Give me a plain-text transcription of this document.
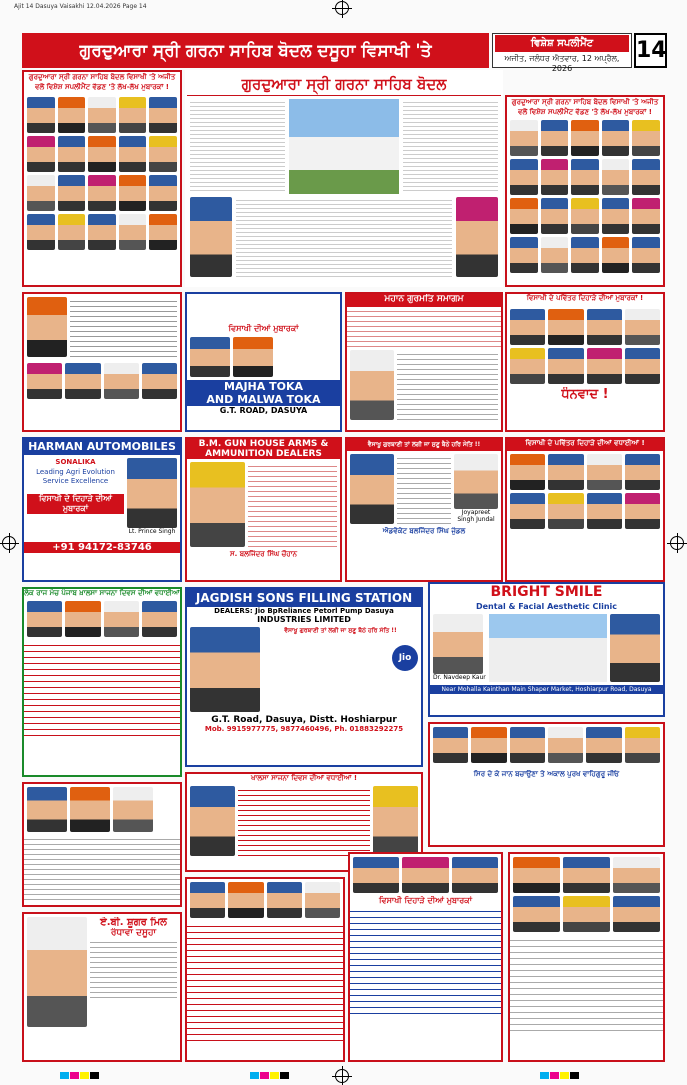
Ajit 14 Dasuya Vaisakhi 12.04.2026 Page 14
ਗੁਰਦੁਆਰਾ ਸ੍ਰੀ ਗਰਨਾ ਸਾਹਿਬ ਬੋਦਲ ਦਸੂਹਾ ਵਿਸਾਖੀ 'ਤੇ	ਵਿਸ਼ੇਸ਼ ਸਪਲੀਮੈਂਟ
ਅਜੀਤ, ਜਲੰਧਰ ਐਤਵਾਰ, 12 ਅਪ੍ਰੈਲ, 2026
14
ਗੁਰਦੁਆਰਾ ਸ੍ਰੀ ਗਰਨਾ ਸਾਹਿਬ ਬੋਦਲ ਵਿਸਾਖੀ 'ਤੇ ਅਜੀਤ ਵਲੋਂ ਵਿਸ਼ੇਸ਼ ਸਪਲੀਮੈਂਟ ਵੱਡਣ 'ਤੇ ਲੱਖ-ਲੱਖ ਮੁਬਾਰਕਾਂ !	ਗੁਰਦੁਆਰਾ ਸ੍ਰੀ ਗਰਨਾ ਸਾਹਿਬ ਬੋਦਲ
ਗੁਰਦੁਆਰਾ ਸ੍ਰੀ ਗਰਨਾ ਸਾਹਿਬ ਬੋਦਲ ਵਿਸਾਖੀ 'ਤੇ ਅਜੀਤ ਵਲੋਂ ਵਿਸ਼ੇਸ਼ ਸਪਲੀਮੈਂਟ ਵੱਡਣ 'ਤੇ ਲੱਖ-ਲੱਖ ਮੁਬਾਰਕਾਂ !
ਵਿਸਾਖੀ ਦੀਆਂ ਮੁਬਾਰਕਾਂ
MAJHA TOKA
AND MALWA TOKA
G.T. ROAD, DASUYA
ਮਹਾਨ ਗੁਰਮਤਿ ਸਮਾਗਮ	ਵਿਸਾਖੀ ਦੇ ਪਵਿੱਤਰ ਦਿਹਾੜੇ ਦੀਆਂ ਮੁਬਾਰਕਾਂ !
ਧੰਨਵਾਦ !
HARMAN AUTOMOBILES
SONALIKA
Leading Agri Evolution Service Excellence
ਵਿਸਾਖੀ ਦੇ ਦਿਹਾੜੇ ਦੀਆਂ ਮੁਬਾਰਕਾਂ
Lt. Prince Singh
+91 94172-83746
B.M. GUN HOUSE ARMS &
AMMUNITION DEALERS
ਸ. ਬਲਜਿੰਦਰ ਸਿੰਘ ਚੌਹਾਨ
ਵੈਸਾਖੂ ਗੁਰਬਾਣੀ ਤਾਂ ਲਗੀ ਜਾ ਸੁਣੂ ਬੈਠੇ ਹਰਿ ਸੇਤਿ !!
Joyapreet Singh Jundal
ਐਡਵੋਕੇਟ ਬਲਜਿੰਦਰ ਸਿੰਘ ਜੁੰਡਲ
ਵਿਸਾਖੀ ਦੇ ਪਵਿੱਤਰ ਦਿਹਾੜੇ ਦੀਆਂ ਵਧਾਈਆਂ !
ਲੋਕ ਰਾਜ ਮੰਚ ਪੰਜਾਬ ਖ਼ਾਲਸਾ ਸਾਜਨਾ ਦਿਵਸ ਦੀਆਂ ਵਧਾਈਆਂ	JAGDISH SONS FILLING STATION
DEALERS: Jio BpReliance Petorl Pump Dasuya
INDUSTRIES LIMITED
ਵੈਸਾਖੂ ਗੁਰਬਾਣੀ ਤਾਂ ਲਗੀ ਜਾ ਸੁਣੂ ਬੈਠੇ ਹਰਿ ਸੇਤਿ !!
Jio
G.T. Road, Dasuya, Distt. Hoshiarpur
Mob. 9915977775, 9877460496, Ph. 01883292275
BRIGHT SMILE
Dental & Facial Aesthetic Clinic
Dr. Navdeep Kaur
Near Mohalla Kainthan Main Shaper Market, Hoshiarpur Road, Dasuya
ਸਿਰ ਦੇ ਕੇ ਜਾਨ ਬਚਾਉਣਾ ਤੇ ਅਕਾਲ ਪੁਰਖ ਵਾਹਿਗੁਰੂ ਜੀਓ
ਖਾਲਸਾ ਸਾਜਨਾ ਦਿਵਸ ਦੀਆਂ ਵਧਾਈਆਂ !
ਵਿਸਾਖੀ ਦਿਹਾੜੇ ਦੀਆਂ ਮੁਬਾਰਕਾਂ
ਏ.ਬੀ. ਸ਼ੂਗਰ ਮਿਲ
ਰੰਧਾਵਾ ਦਸੂਹਾ
